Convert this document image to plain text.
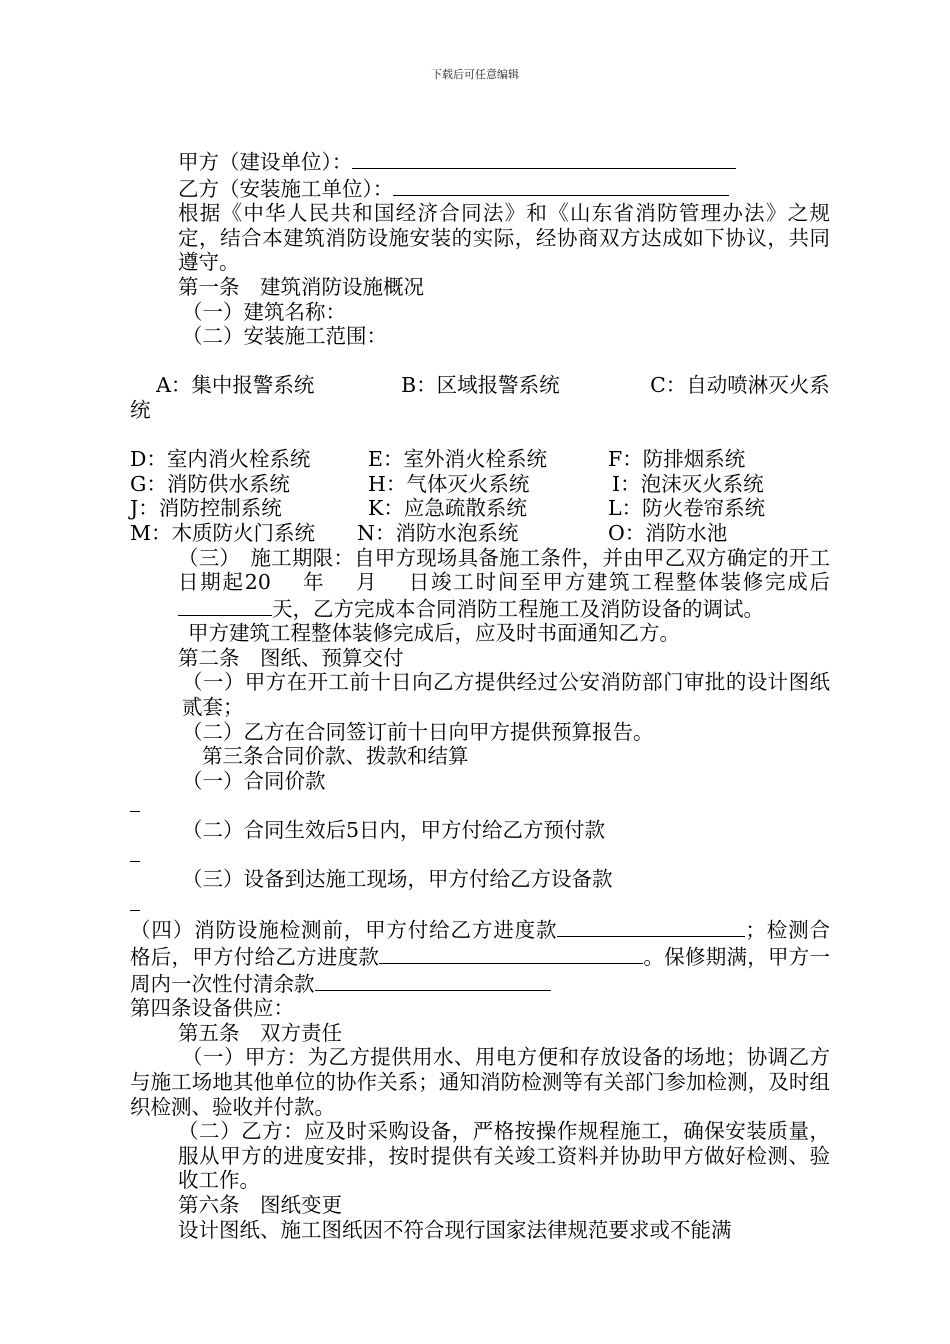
下载后可任意编辑
甲方（建设单位）：
乙方（安装施工单位）：
根据《中华人民共和国经济合同法》和《山东省消防管理办法》之规定，结合本建筑消防设施安装的实际，经协商双方达成如下协议，共同遵守。
第一条　建筑消防设施概况
（一）建筑名称：
（二）安装施工范围：

A：集中报警系统	B：区域报警系统	C：自动喷淋灭火系统

D：室内消火栓系统	E：室外消火栓系统	F：防排烟系统
G：消防供水系统	H：气体灭火系统	I：泡沫灭火系统
J：消防控制系统	K：应急疏散系统	L：防火卷帘系统
M：木质防火门系统	N：消防水泡系统	O：消防水池
（三）　施工期限：自甲方现场具备施工条件，并由甲乙双方确定的开工日期起20　 年　 月　 日竣工时间至甲方建筑工程整体装修完成后天，乙方完成本合同消防工程施工及消防设备的调试。
甲方建筑工程整体装修完成后，应及时书面通知乙方。
第二条　图纸、预算交付
（一）甲方在开工前十日向乙方提供经过公安消防部门审批的设计图纸贰套；
（二）乙方在合同签订前十日向甲方提供预算报告。
第三条合同价款、拨款和结算
（一）合同价款
（二）合同生效后5日内，甲方付给乙方预付款
（三）设备到达施工现场，甲方付给乙方设备款
（四）消防设施检测前，甲方付给乙方进度款	；检测合格后，甲方付给乙方进度款	。保修期满，甲方一周内一次性付清余款
第四条设备供应：
第五条　双方责任
（一）甲方：为乙方提供用水、用电方便和存放设备的场地；协调乙方与施工场地其他单位的协作关系；通知消防检测等有关部门参加检测，及时组织检测、验收并付款。
（二）乙方：应及时采购设备，严格按操作规程施工，确保安装质量，服从甲方的进度安排，按时提供有关竣工资料并协助甲方做好检测、验收工作。
第六条　图纸变更
设计图纸、施工图纸因不符合现行国家法律规范要求或不能满
